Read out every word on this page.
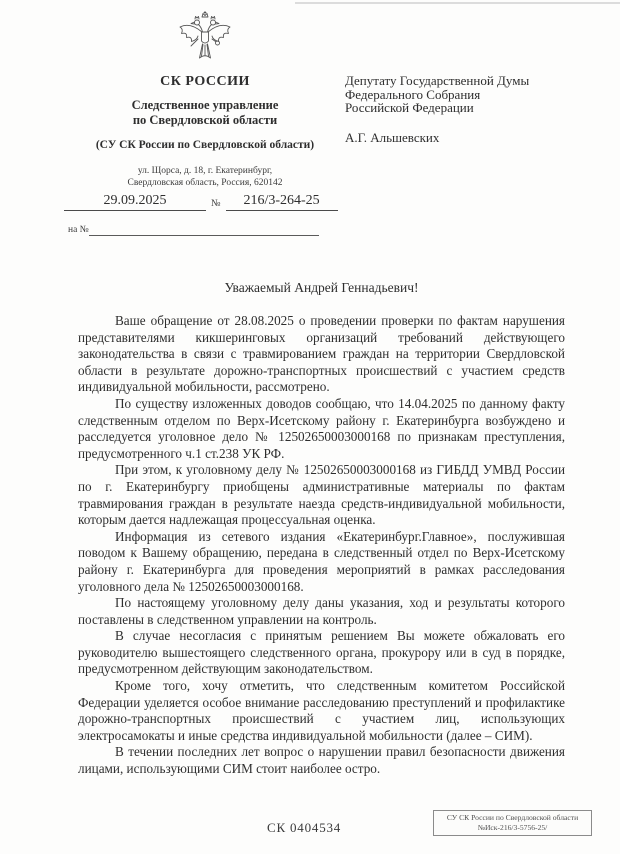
СК РОССИИ
Следственное управление
по Свердловской области
(СУ СК России по Свердловской области)
ул. Щорса, д. 18, г. Екатеринбург,
Свердловская область, Россия, 620142
29.09.2025	№	216/3-264-25
на №
Депутату Государственной Думы
Федерального Собрания
Российской Федерации
А.Г. Альшевских
Уважаемый Андрей Геннадьевич!

Ваше обращение от 28.08.2025 о проведении проверки по фактам нарушения представителями кикшеринговых организаций требований действующего законодательства в связи с травмированием граждан на территории Свердловской области в результате дорожно-транспортных происшествий с участием средств индивидуальной мобильности, рассмотрено.

По существу изложенных доводов сообщаю, что 14.04.2025 по данному факту следственным отделом по Верх-Исетскому району г. Екатеринбурга возбуждено и расследуется уголовное дело № 12502650003000168 по признакам преступления, предусмотренного ч.1 ст.238 УК РФ.

При этом, к уголовному делу № 12502650003000168 из ГИБДД УМВД России по г. Екатеринбургу приобщены административные материалы по фактам травмирования граждан в результате наезда средств-индивидуальной мобильности, которым дается надлежащая процессуальная оценка.

Информация из сетевого издания «Екатеринбург.Главное», послужившая поводом к Вашему обращению, передана в следственный отдел по Верх-Исетскому району г. Екатеринбурга для проведения мероприятий в рамках расследования уголовного дела № 12502650003000168.

По настоящему уголовному делу даны указания, ход и результаты которого поставлены в следственном управлении на контроль.

В случае несогласия с принятым решением Вы можете обжаловать его руководителю вышестоящего следственного органа, прокурору или в суд в порядке, предусмотренном действующим законодательством.

Кроме того, хочу отметить, что следственным комитетом Российской Федерации уделяется особое внимание расследованию преступлений и профилактике дорожно-транспортных происшествий с участием лиц, использующих электросамокаты и иные средства индивидуальной мобильности (далее – СИМ).

В течении последних лет вопрос о нарушении правил безопасности движения лицами, использующими СИМ стоит наиболее остро.

СК 0404534
СУ СК России по Свердловской области
№Иск-216/3-5756-25/
